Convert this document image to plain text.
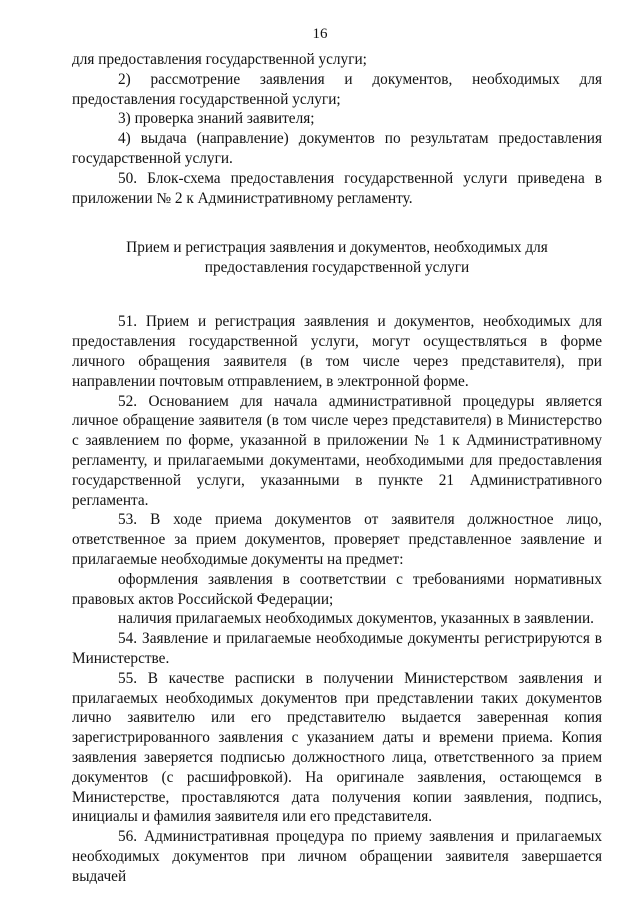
16

для предоставления государственной услуги;

2) рассмотрение заявления и документов, необходимых для предоставления государственной услуги;

3) проверка знаний заявителя;

4) выдача (направление) документов по результатам предоставления государственной услуги.

50. Блок-схема предоставления государственной услуги приведена в приложении № 2 к Административному регламенту.

Прием и регистрация заявления и документов, необходимых для
предоставления государственной услуги

51. Прием и регистрация заявления и документов, необходимых для предоставления государственной услуги, могут осуществляться в форме личного обращения заявителя (в том числе через представителя), при направлении почтовым отправлением, в электронной форме.

52. Основанием для начала административной процедуры является личное обращение заявителя (в том числе через представителя) в Министерство с заявлением по форме, указанной в приложении № 1 к Административному регламенту, и прилагаемыми документами, необходимыми для предоставления государственной услуги, указанными в пункте 21 Административного регламента.

53. В ходе приема документов от заявителя должностное лицо, ответственное за прием документов, проверяет представленное заявление и прилагаемые необходимые документы на предмет:

оформления заявления в соответствии с требованиями нормативных правовых актов Российской Федерации;

наличия прилагаемых необходимых документов, указанных в заявлении.

54. Заявление и прилагаемые необходимые документы регистрируются в Министерстве.

55. В качестве расписки в получении Министерством заявления и прилагаемых необходимых документов при представлении таких документов лично заявителю или его представителю выдается заверенная копия зарегистрированного заявления с указанием даты и времени приема. Копия заявления заверяется подписью должностного лица, ответственного за прием документов (с расшифровкой). На оригинале заявления, остающемся в Министерстве, проставляются дата получения копии заявления, подпись, инициалы и фамилия заявителя или его представителя.

56. Административная процедура по приему заявления и прилагаемых необходимых документов при личном обращении заявителя завершается выдачей
